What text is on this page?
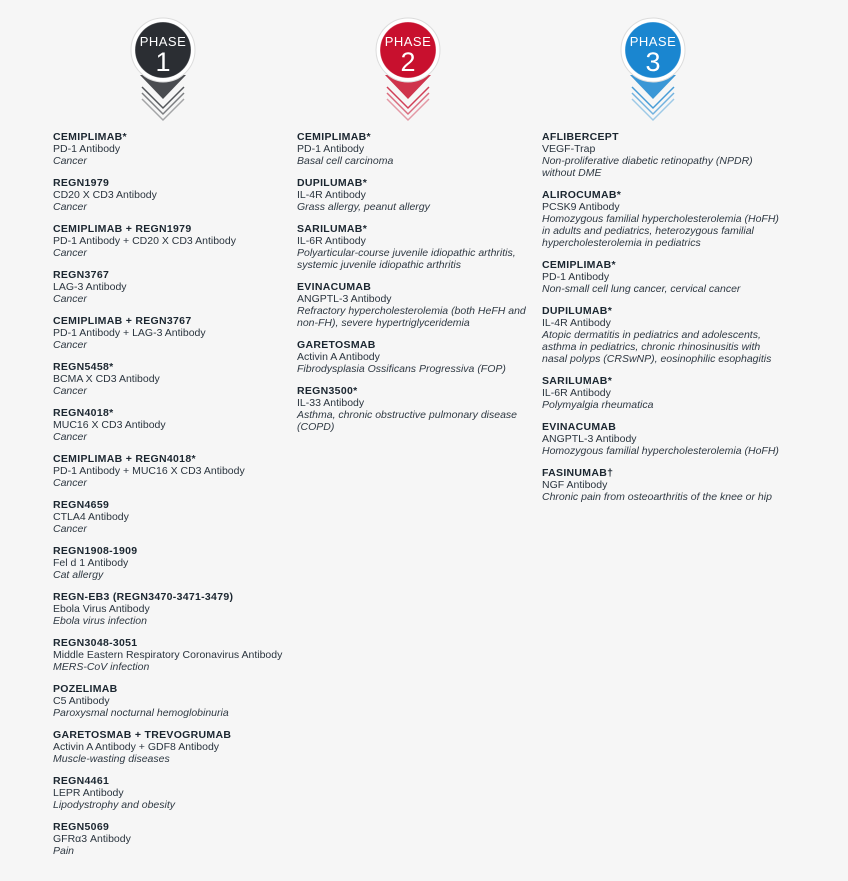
PHASE
1
CEMIPLIMAB*
PD-1 Antibody
Cancer
REGN1979
CD20 X CD3 Antibody
Cancer
CEMIPLIMAB + REGN1979
PD-1 Antibody + CD20 X CD3 Antibody
Cancer
REGN3767
LAG-3 Antibody
Cancer
CEMIPLIMAB + REGN3767
PD-1 Antibody + LAG-3 Antibody
Cancer
REGN5458*
BCMA X CD3 Antibody
Cancer
REGN4018*
MUC16 X CD3 Antibody
Cancer
CEMIPLIMAB + REGN4018*
PD-1 Antibody + MUC16 X CD3 Antibody
Cancer
REGN4659
CTLA4 Antibody
Cancer
REGN1908-1909
Fel d 1 Antibody
Cat allergy
REGN-EB3 (REGN3470-3471-3479)
Ebola Virus Antibody
Ebola virus infection
REGN3048-3051
Middle Eastern Respiratory Coronavirus Antibody
MERS-CoV infection
POZELIMAB
C5 Antibody
Paroxysmal nocturnal hemoglobinuria
GARETOSMAB + TREVOGRUMAB
Activin A Antibody + GDF8 Antibody
Muscle-wasting diseases
REGN4461
LEPR Antibody
Lipodystrophy and obesity
REGN5069
GFRα3 Antibody
Pain
PHASE
2
CEMIPLIMAB*
PD-1 Antibody
Basal cell carcinoma
DUPILUMAB*
IL-4R Antibody
Grass allergy, peanut allergy
SARILUMAB*
IL-6R Antibody
Polyarticular-course juvenile idiopathic arthritis, systemic juvenile idiopathic arthritis
EVINACUMAB
ANGPTL-3 Antibody
Refractory hypercholesterolemia (both HeFH and non-FH), severe hypertriglyceridemia
GARETOSMAB
Activin A Antibody
Fibrodysplasia Ossificans Progressiva (FOP)
REGN3500*
IL-33 Antibody
Asthma, chronic obstructive pulmonary disease (COPD)
PHASE
3
AFLIBERCEPT
VEGF-Trap
Non-proliferative diabetic retinopathy (NPDR) without DME
ALIROCUMAB*
PCSK9 Antibody
Homozygous familial hypercholesterolemia (HoFH) in adults and pediatrics, heterozygous familial hypercholesterolemia in pediatrics
CEMIPLIMAB*
PD-1 Antibody
Non-small cell lung cancer, cervical cancer
DUPILUMAB*
IL-4R Antibody
Atopic dermatitis in pediatrics and adolescents, asthma in pediatrics, chronic rhinosinusitis with nasal polyps (CRSwNP), eosinophilic esophagitis
SARILUMAB*
IL-6R Antibody
Polymyalgia rheumatica
EVINACUMAB
ANGPTL-3 Antibody
Homozygous familial hypercholesterolemia (HoFH)
FASINUMAB†
NGF Antibody
Chronic pain from osteoarthritis of the knee or hip
